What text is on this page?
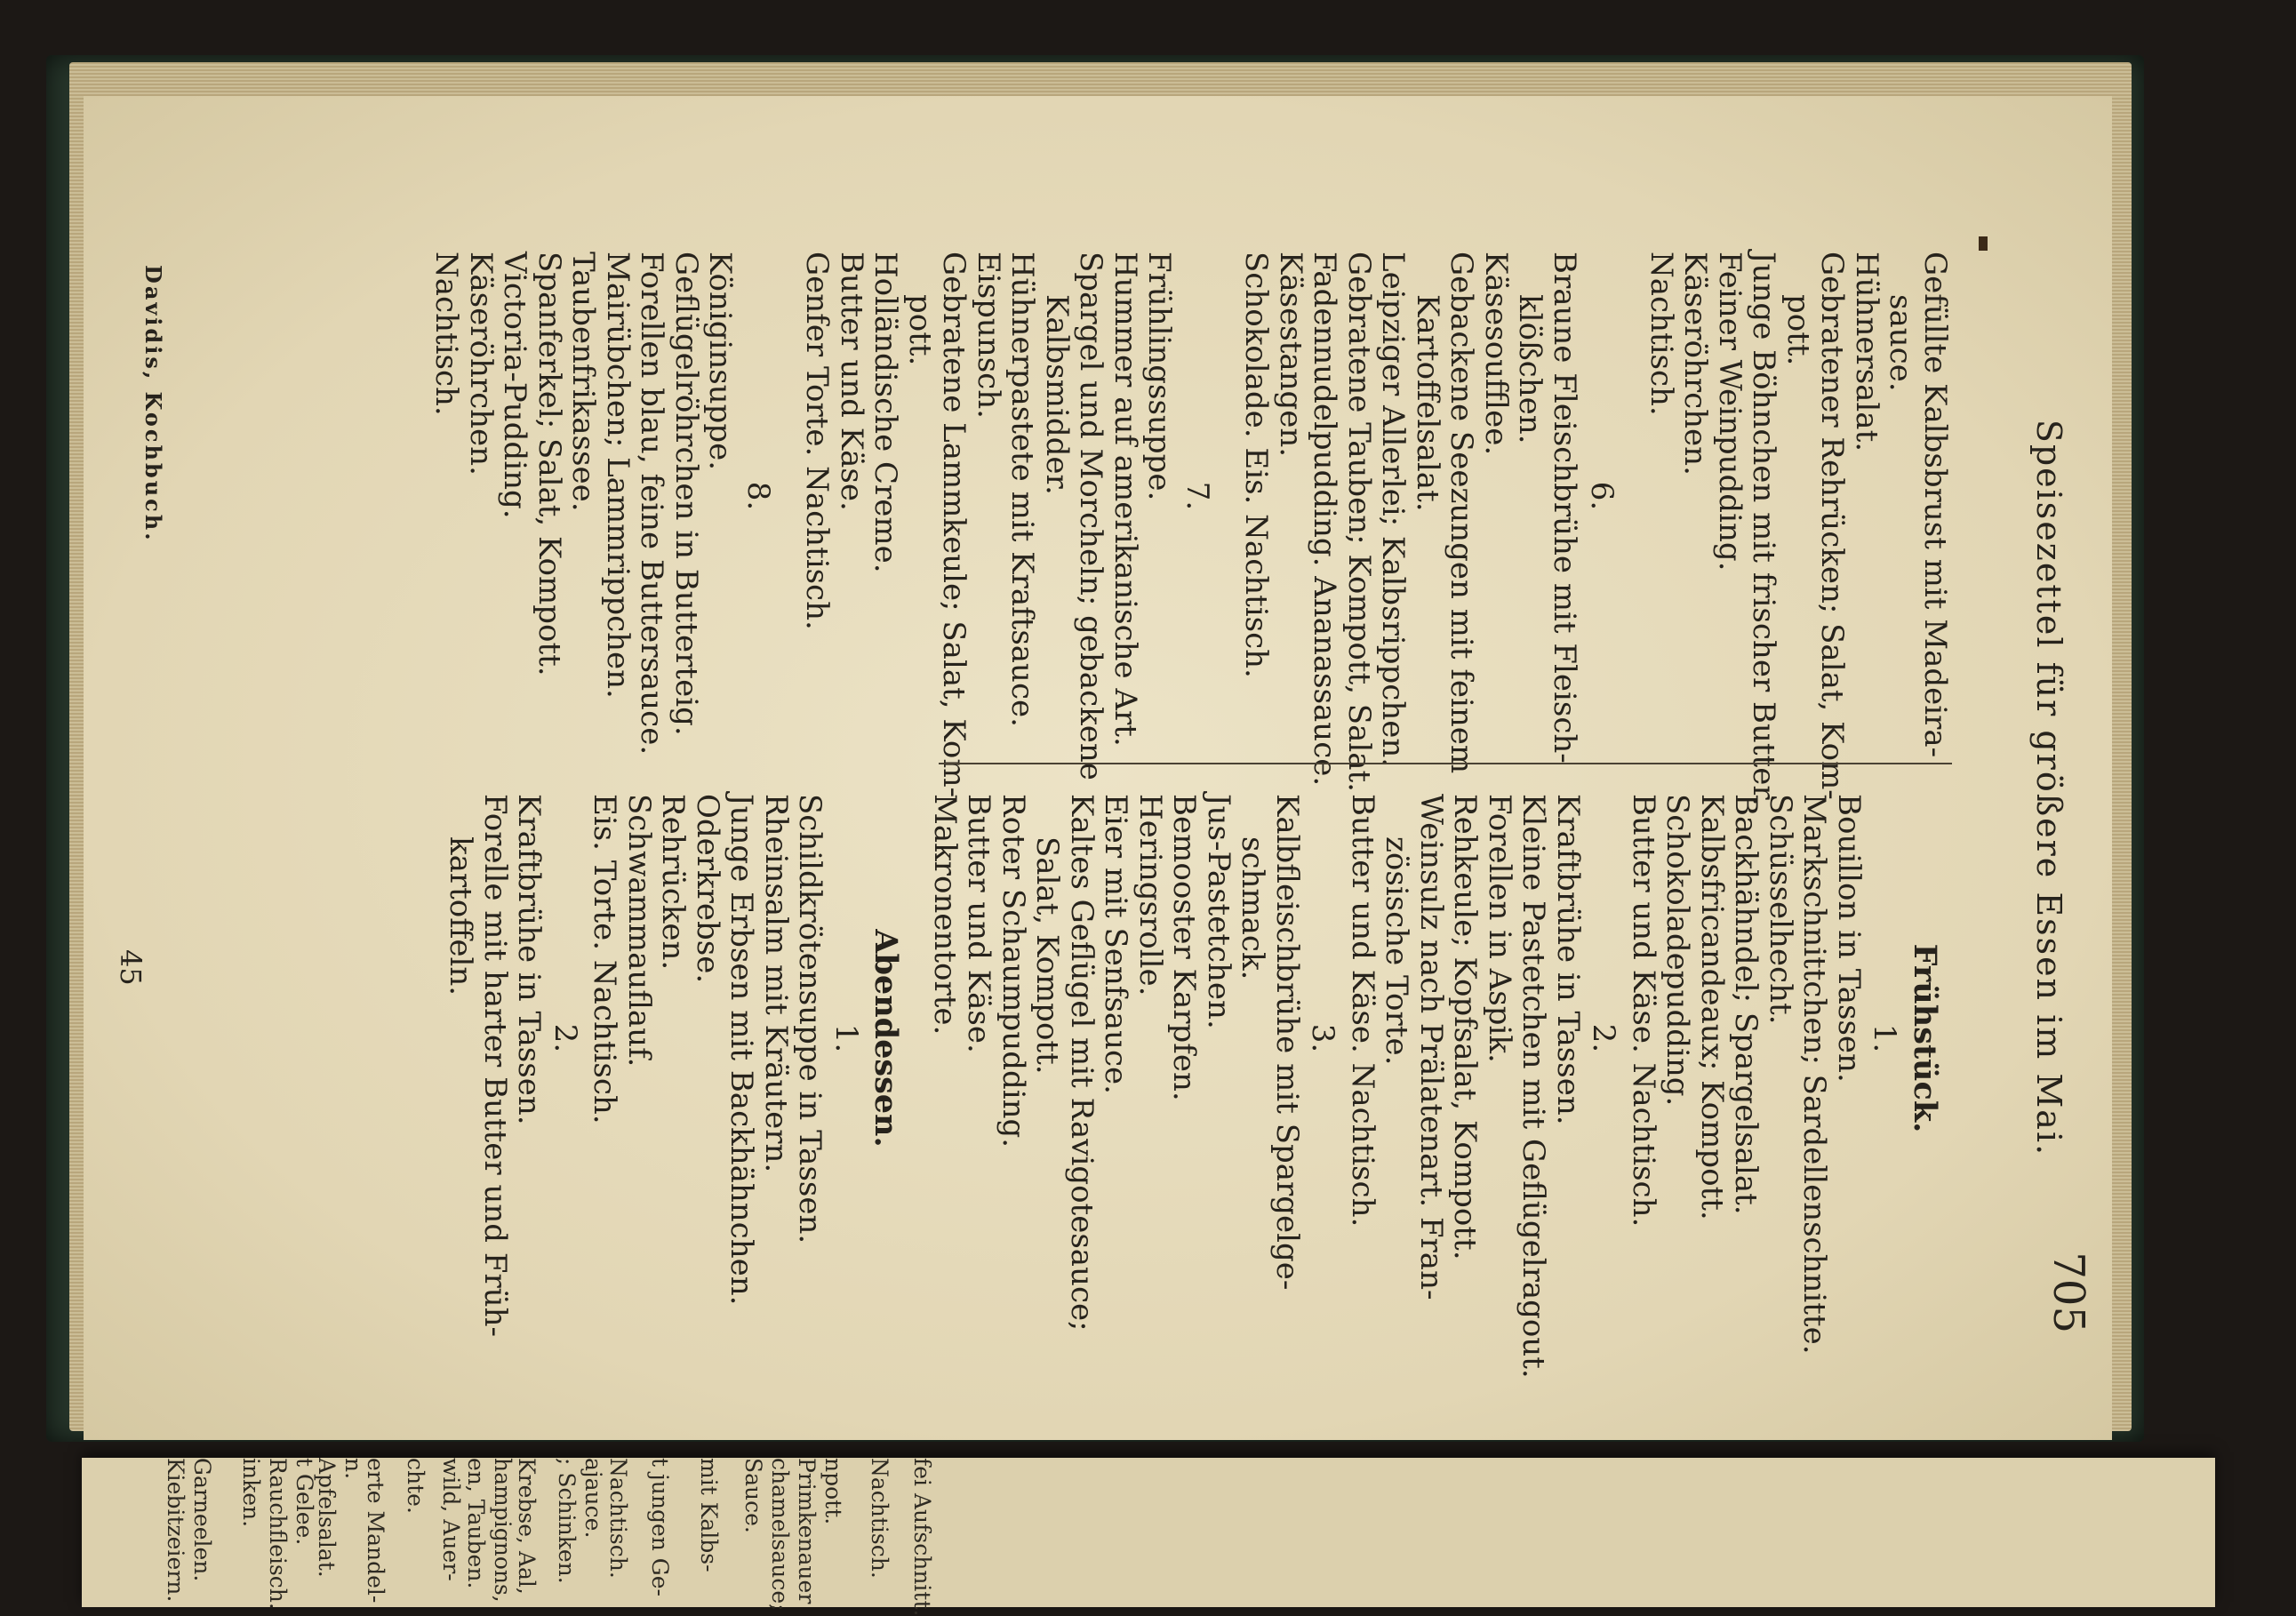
Kiebitzeiern. Garneelen. inken. Rauchfleisch. t Gelee.
Apfelsalat. n.
erte Mandel- chte. wild, Auer- en, Tauben. hampignons,
Krebse, Aal, ; Schinken. ajauce. Nachtisch. t jungen Ge- mit Kalbs- Sauce. chamelsauce; Primkenauer npott. Nachtisch. fei Aufschnitt.
Speisezettel für größere Essen im Mai.
705
Gefüllte Kalbsbrust mit Madeira-
sauce.
Hühnersalat.
Gebratener Rehrücken; Salat, Kom-
pott.
Junge Böhnchen mit frischer Butter.
Feiner Weinpudding.
Käseröhrchen.
Nachtisch.
6.
Braune Fleischbrühe mit Fleisch-
klößchen.
Käsesoufflee.
Gebackene Seezungen mit feinem
Kartoffelsalat.
Leipziger Allerlei; Kalbsrippchen.
Gebratene Tauben; Kompott, Salat.
Fadennudelpudding. Ananassauce.
Käsestangen.
Schokolade. Eis. Nachtisch.
7.
Frühlingssuppe.
Hummer auf amerikanische Art.
Spargel und Morcheln; gebackene
Kalbsmidder.
Hühnerpastete mit Kraftsauce.
Eispunsch.
Gebratene Lammkeule; Salat, Kom-
pott.
Holländische Creme.
Butter und Käse.
Genfer Torte. Nachtisch.
8.
Königinsuppe.
Geflügelröhrchen in Butterteig.
Forellen blau, feine Buttersauce.
Mairübchen; Lammrippchen.
Taubenfrikassee.
Spanferkel; Salat, Kompott.
Victoria-Pudding.
Käseröhrchen.
Nachtisch.
Frühstück.
1.
Bouillon in Tassen.
Markschnittchen; Sardellenschnitte.
Schüsselhecht.
Backhähndel; Spargelsalat.
Kalbsfricandeaux; Kompott.
Schokoladepudding.
Butter und Käse. Nachtisch.
2.
Kraftbrühe in Tassen.
Kleine Pastetchen mit Geflügelragout.
Forellen in Aspik.
Rehkeule; Kopfsalat, Kompott.
Weinsulz nach Prälatenart. Fran-
zösische Torte.
Butter und Käse. Nachtisch.
3.
Kalbfleischbrühe mit Spargelge-
schmack.
Jus-Pastetchen.
Bemooster Karpfen.
Heringsrolle.
Eier mit Senfsauce.
Kaltes Geflügel mit Ravigotesauce;
Salat, Kompott.
Roter Schaumpudding.
Butter und Käse.
Makronentorte.
Abendessen.
1.
Schildkrötensuppe in Tassen.
Rheinsalm mit Kräutern.
Junge Erbsen mit Backhähnchen.
Oderkrebse.
Rehrücken.
Schwammauflauf.
Eis. Torte. Nachtisch.
2.
Kraftbrühe in Tassen.
Forelle mit harter Butter und Früh-
kartoffeln.
Davidis, Kochbuch.
45
